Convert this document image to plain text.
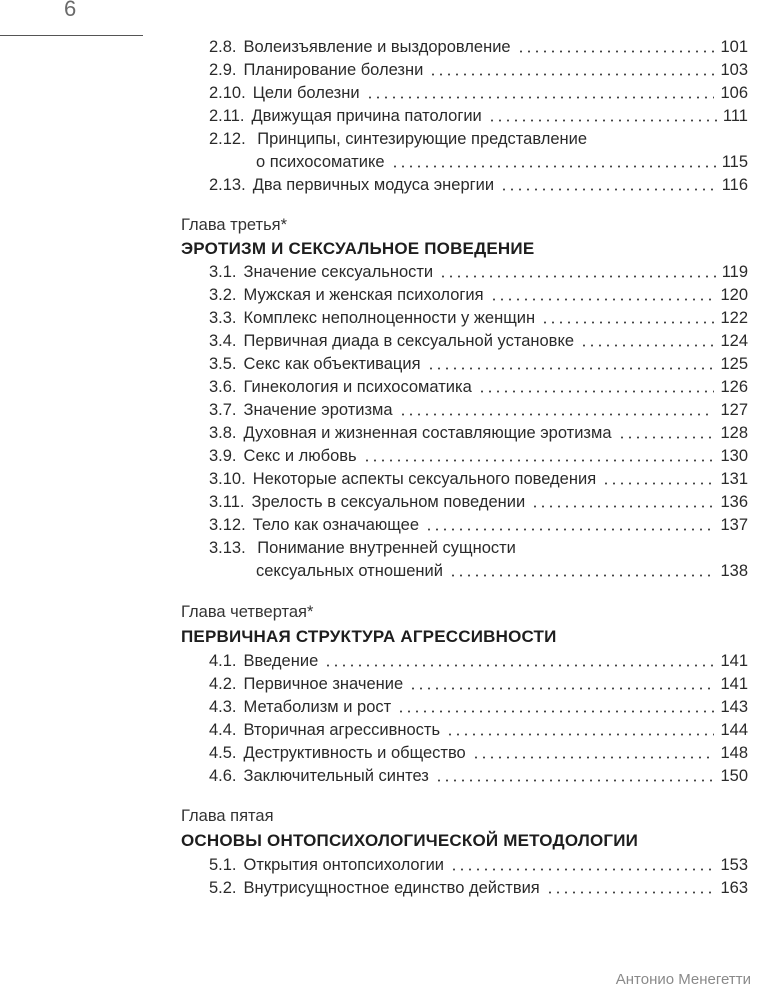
6
2.8. Волеизъявление и выздоровление	101
2.9. Планирование болезни	103
2.10. Цели болезни	106
2.11. Движущая причина патологии	111
2.12. Принципы, синтезирующие представление
о психосоматике	115
2.13. Два первичных модуса энергии	116
Глава третья*
ЭРОТИЗМ И СЕКСУАЛЬНОЕ ПОВЕДЕНИЕ
3.1. Значение сексуальности	119
3.2. Мужская и женская психология	120
3.3. Комплекс неполноценности у женщин	122
3.4. Первичная диада в сексуальной установке	124
3.5. Секс как объективация	125
3.6. Гинекология и психосоматика	126
3.7. Значение эротизма	127
3.8. Духовная и жизненная составляющие эротизма	128
3.9. Секс и любовь	130
3.10. Некоторые аспекты сексуального поведения	131
3.11. Зрелость в сексуальном поведении	136
3.12. Тело как означающее	137
3.13. Понимание внутренней сущности
сексуальных отношений	138
Глава четвертая*
ПЕРВИЧНАЯ СТРУКТУРА АГРЕССИВНОСТИ
4.1. Введение	141
4.2. Первичное значение	141
4.3. Метаболизм и рост	143
4.4. Вторичная агрессивность	144
4.5. Деструктивность и общество	148
4.6. Заключительный синтез	150
Глава пятая
ОСНОВЫ ОНТОПСИХОЛОГИЧЕСКОЙ МЕТОДОЛОГИИ
5.1. Открытия онтопсихологии	153
5.2. Внутрисущностное единство действия	163
Антонио Менегетти
